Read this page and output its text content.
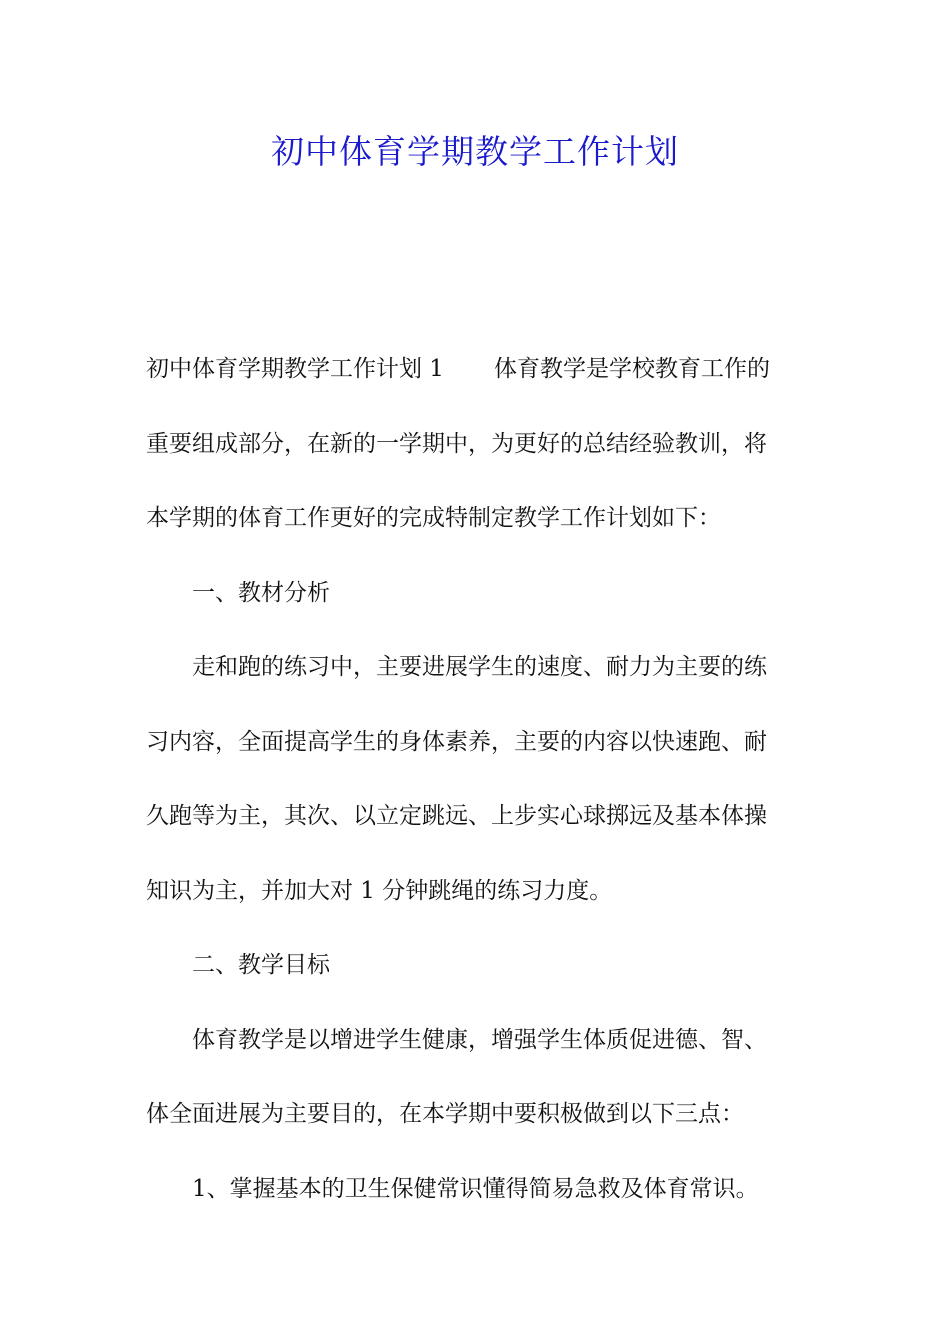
初中体育学期教学工作计划

初中体育学期教学工作计划 1 体育教学是学校教育工作的

重要组成部分，在新的一学期中，为更好的总结经验教训，将

本学期的体育工作更好的完成特制定教学工作计划如下：

一、教材分析

走和跑的练习中，主要进展学生的速度、耐力为主要的练

习内容，全面提高学生的身体素养，主要的内容以快速跑、耐

久跑等为主，其次、以立定跳远、上步实心球掷远及基本体操

知识为主，并加大对 1 分钟跳绳的练习力度。

二、教学目标

体育教学是以增进学生健康，增强学生体质促进德、智、

体全面进展为主要目的，在本学期中要积极做到以下三点：

1、掌握基本的卫生保健常识懂得简易急救及体育常识。
